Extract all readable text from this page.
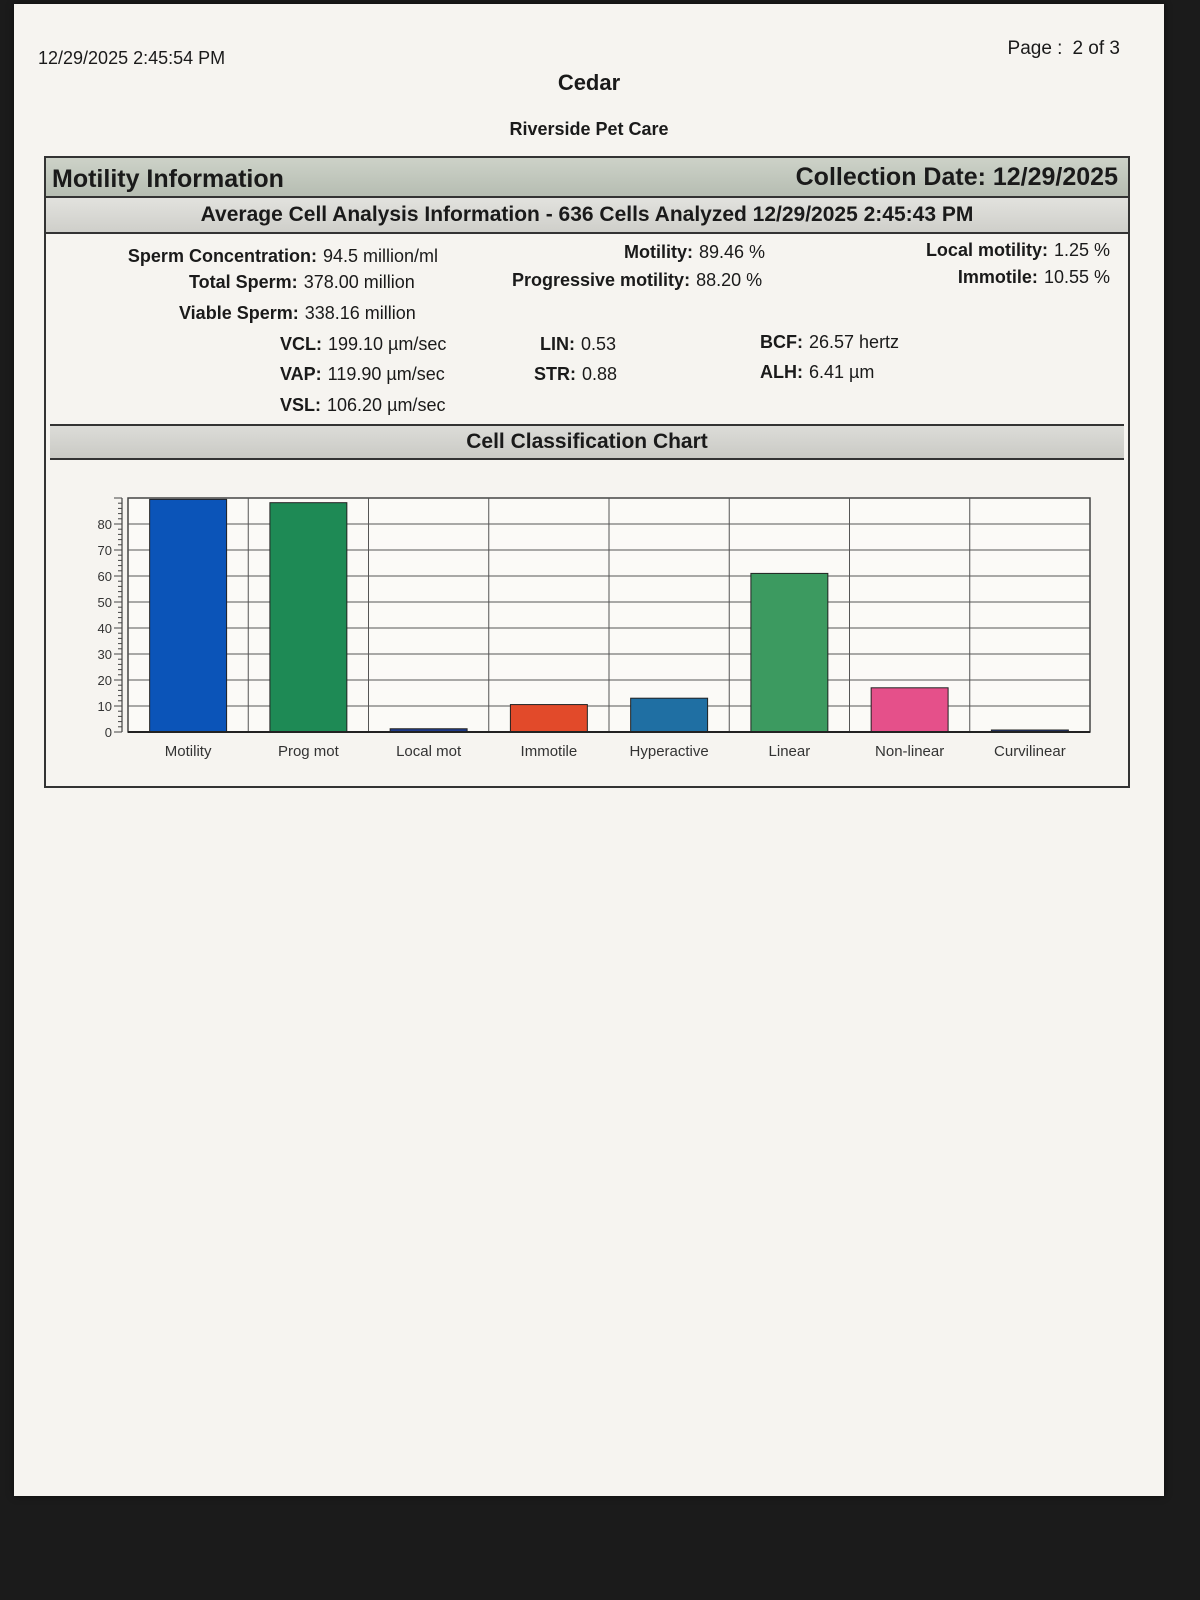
12/29/2025 2:45:54 PM	Page : 2 of 3
Cedar
Riverside Pet Care
Motility Information	Collection Date: 12/29/2025
Average Cell Analysis Information - 636 Cells Analyzed 12/29/2025 2:45:43 PM
Sperm Concentration: 94.5 million/ml
Total Sperm: 378.00 million
Viable Sperm: 338.16 million
Motility: 89.46 %
Progressive motility: 88.20 %
Local motility: 1.25 %
Immotile: 10.55 %
VCL: 199.10 µm/sec
VAP: 119.90 µm/sec
VSL: 106.20 µm/sec
LIN: 0.53
STR: 0.88
BCF: 26.57 hertz
ALH: 6.41 µm
Cell Classification Chart
0
10
20
30
40
50
60
70
80
Motility	Prog mot	Local mot	Immotile	Hyperactive	Linear	Non-linear	Curvilinear
